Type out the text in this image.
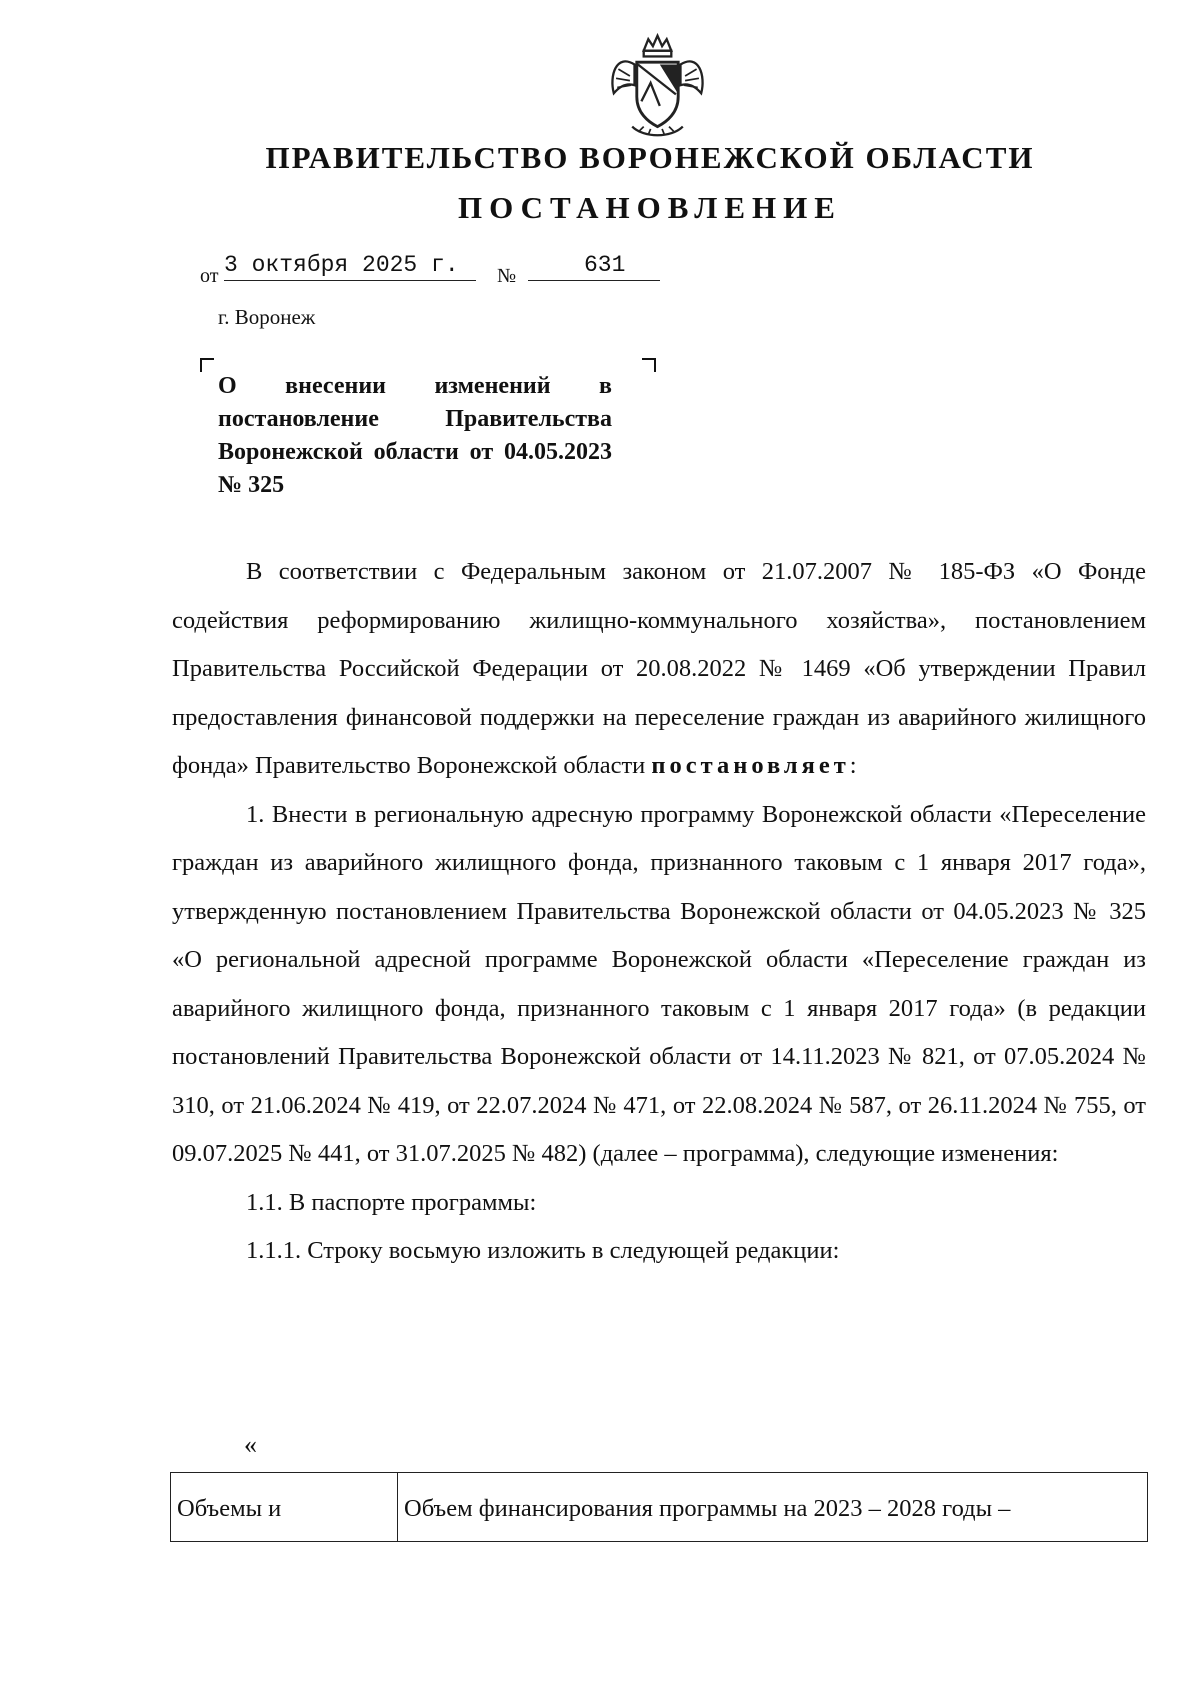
ПРАВИТЕЛЬСТВО ВОРОНЕЖСКОЙ ОБЛАСТИ
ПОСТАНОВЛЕНИЕ
от 3 октября 2025 г.	№	631
г. Воронеж
О внесении изменений в постановление Правительства Воронежской области от 04.05.2023 № 325

В соответствии с Федеральным законом от 21.07.2007 № 185-ФЗ «О Фонде содействия реформированию жилищно-коммунального хозяйства», постановлением Правительства Российской Федерации от 20.08.2022 № 1469 «Об утверждении Правил предоставления финансовой поддержки на переселение граждан из аварийного жилищного фонда» Правительство Воронежской области постановляет:

1. Внести в региональную адресную программу Воронежской области «Переселение граждан из аварийного жилищного фонда, признанного таковым с 1 января 2017 года», утвержденную постановлением Правительства Воронежской области от 04.05.2023 № 325 «О региональной адресной программе Воронежской области «Переселение граждан из аварийного жилищного фонда, признанного таковым с 1 января 2017 года» (в редакции постановлений Правительства Воронежской области от 14.11.2023 № 821, от 07.05.2024 № 310, от 21.06.2024 № 419, от 22.07.2024 № 471, от 22.08.2024 № 587, от 26.11.2024 № 755, от 09.07.2025 № 441, от 31.07.2025 № 482) (далее – программа), следующие изменения:

1.1. В паспорте программы:

1.1.1. Строку восьмую изложить в следующей редакции:

«
Объемы и	Объем финансирования программы на 2023 – 2028 годы –
